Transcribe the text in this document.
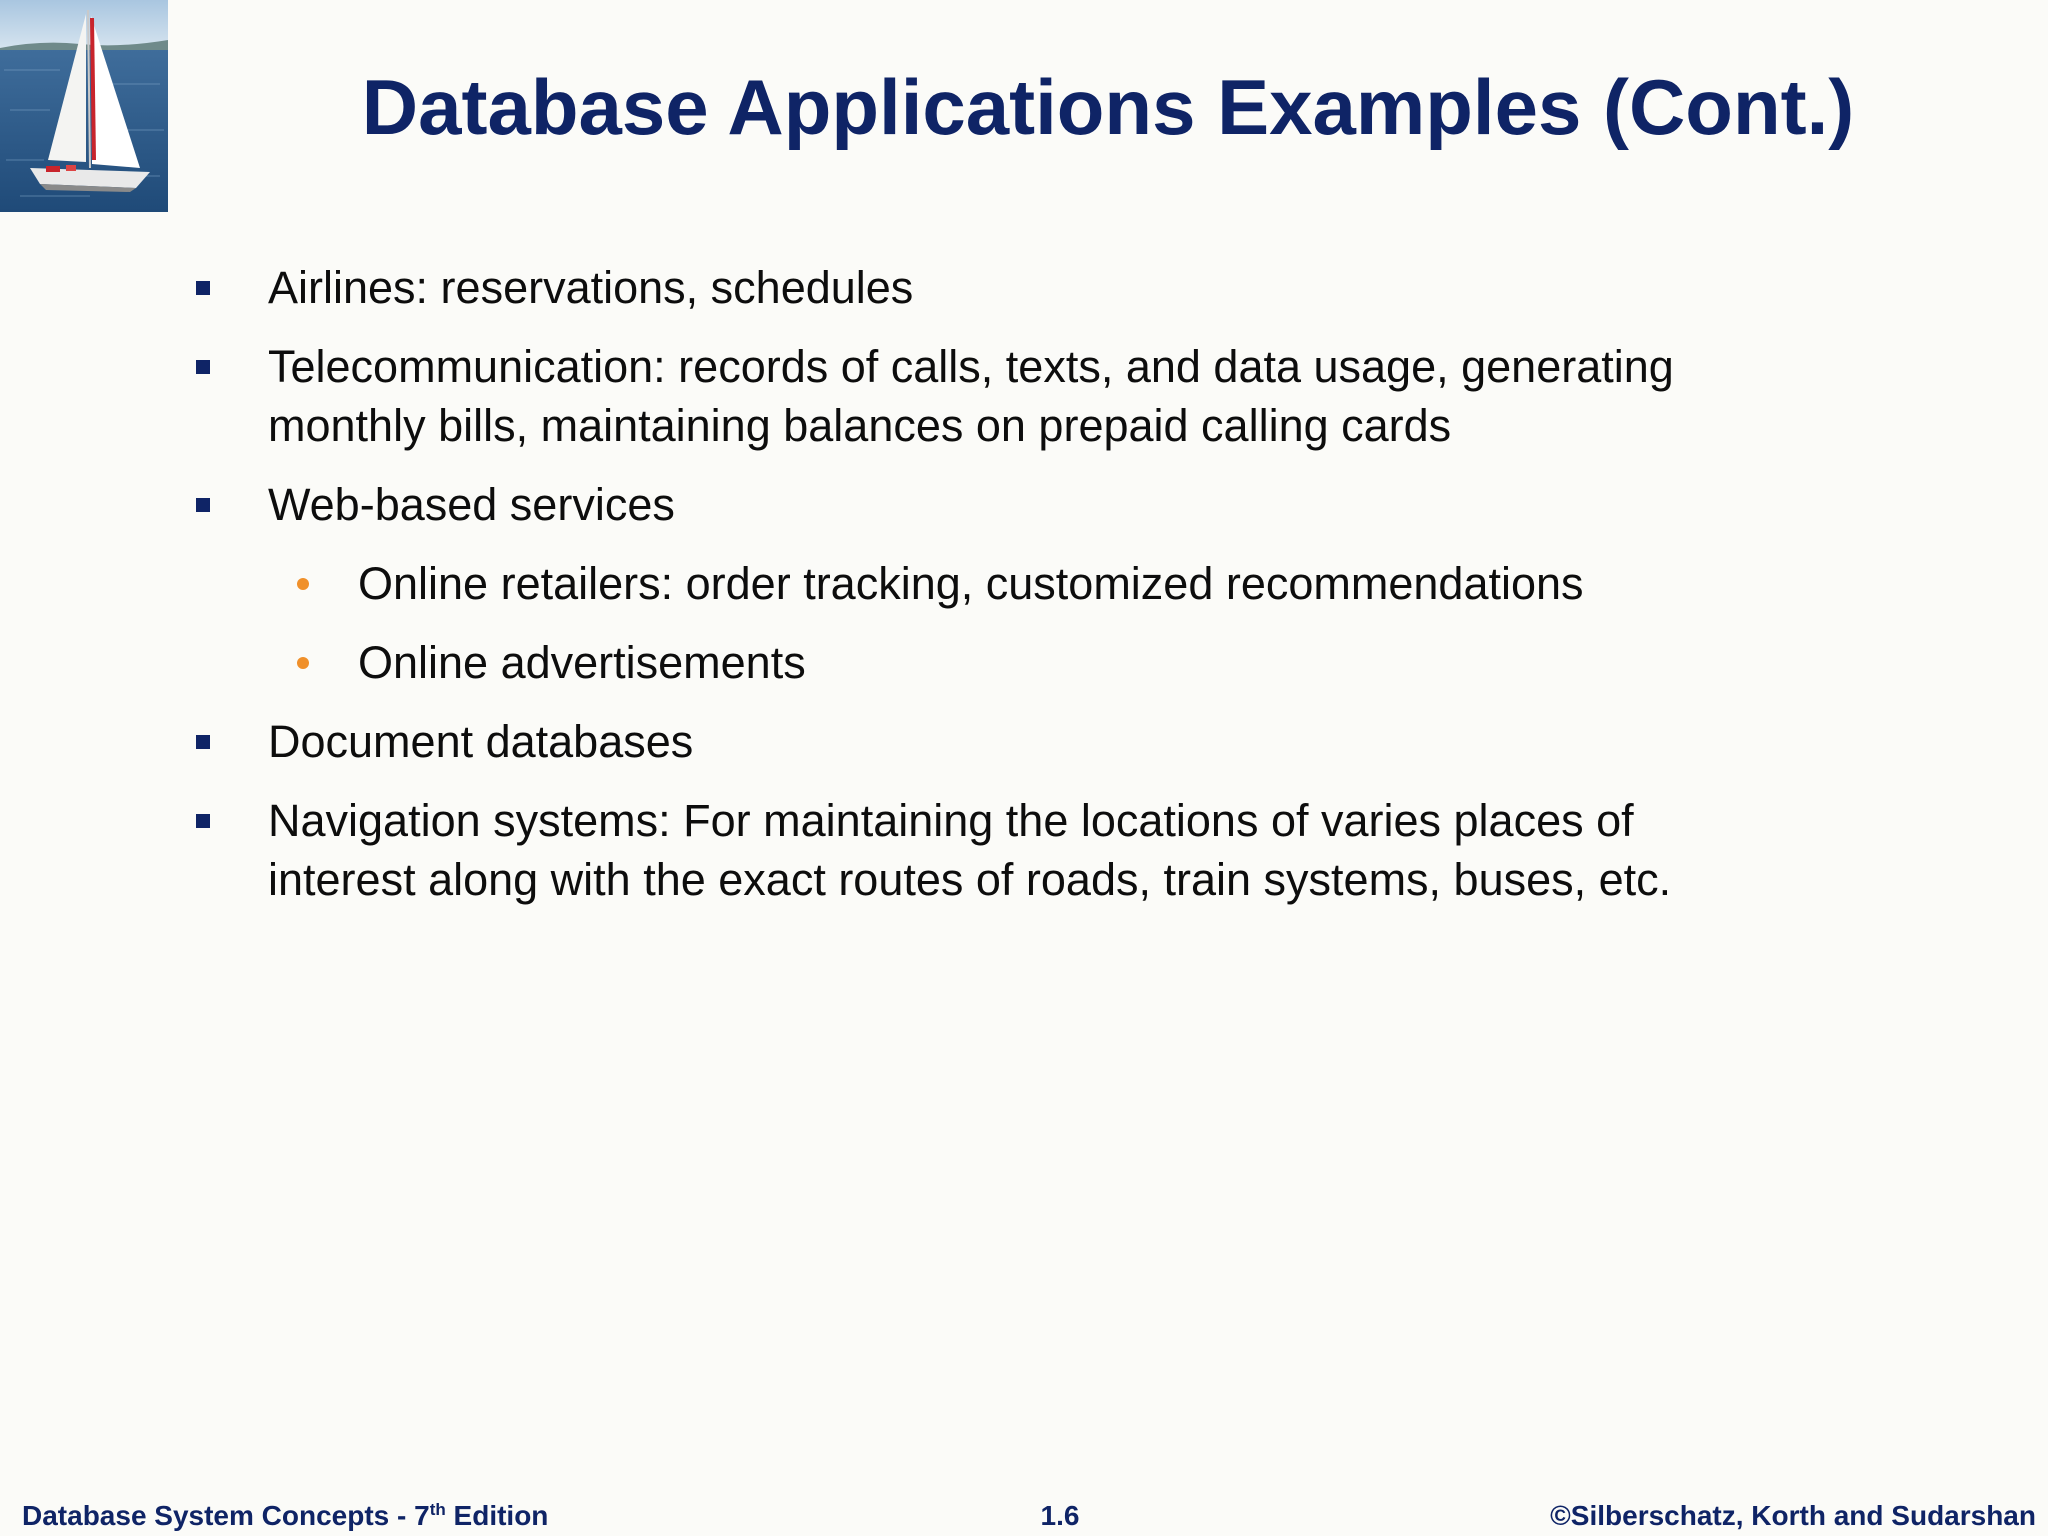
Database Applications Examples (Cont.)
Airlines: reservations, schedules
Telecommunication: records of calls, texts, and data usage, generating
monthly bills, maintaining balances on prepaid calling cards
Web-based services
Online retailers: order tracking, customized recommendations
Online advertisements
Document databases
Navigation systems: For maintaining the locations of varies places of
interest along with the exact routes of roads, train systems, buses, etc.
Database System Concepts - 7th Edition	1.6	©Silberschatz, Korth and Sudarshan
